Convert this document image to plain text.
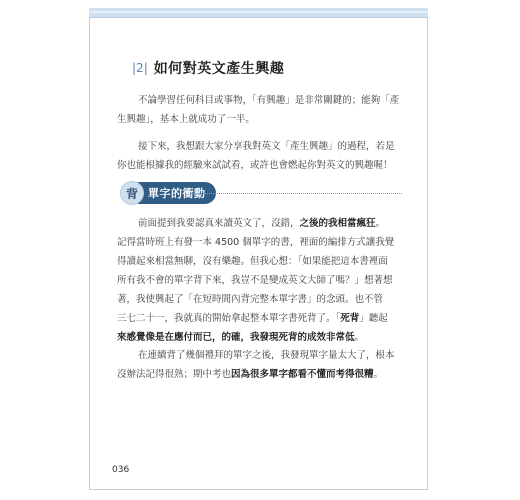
|2| 如何對英文產生興趣

不論學習任何科目或事物，「有興趣」是非常關鍵的；能夠「產
生興趣」，基本上就成功了一半。

接下來，我想跟大家分享我對英文「產生興趣」的過程，若是
你也能根據我的經驗來試試看，或許也會燃起你對英文的興趣喔！

背 單字的衝動

前面提到我要認真來讀英文了，沒錯，之後的我相當瘋狂。
記得當時班上有發一本 4500 個單字的書，裡面的編排方式讓我覺
得讀起來相當無聊，沒有樂趣。但我心想：「如果能把這本書裡面
所有我不會的單字背下來，我豈不是變成英文大師了嗎？」想著想
著，我使興起了「在短時間內背完整本單字書」的念頭。也不管
三七二十一，我就真的開始拿起整本單字書死背了。「死背」聽起
來感覺像是在應付而已，的確，我發現死背的成效非常低。

在連續背了幾個禮拜的單字之後，我發現單字量太大了，根本
沒辦法記得很熟；期中考也因為很多單字都看不懂而考得很糟。

036
